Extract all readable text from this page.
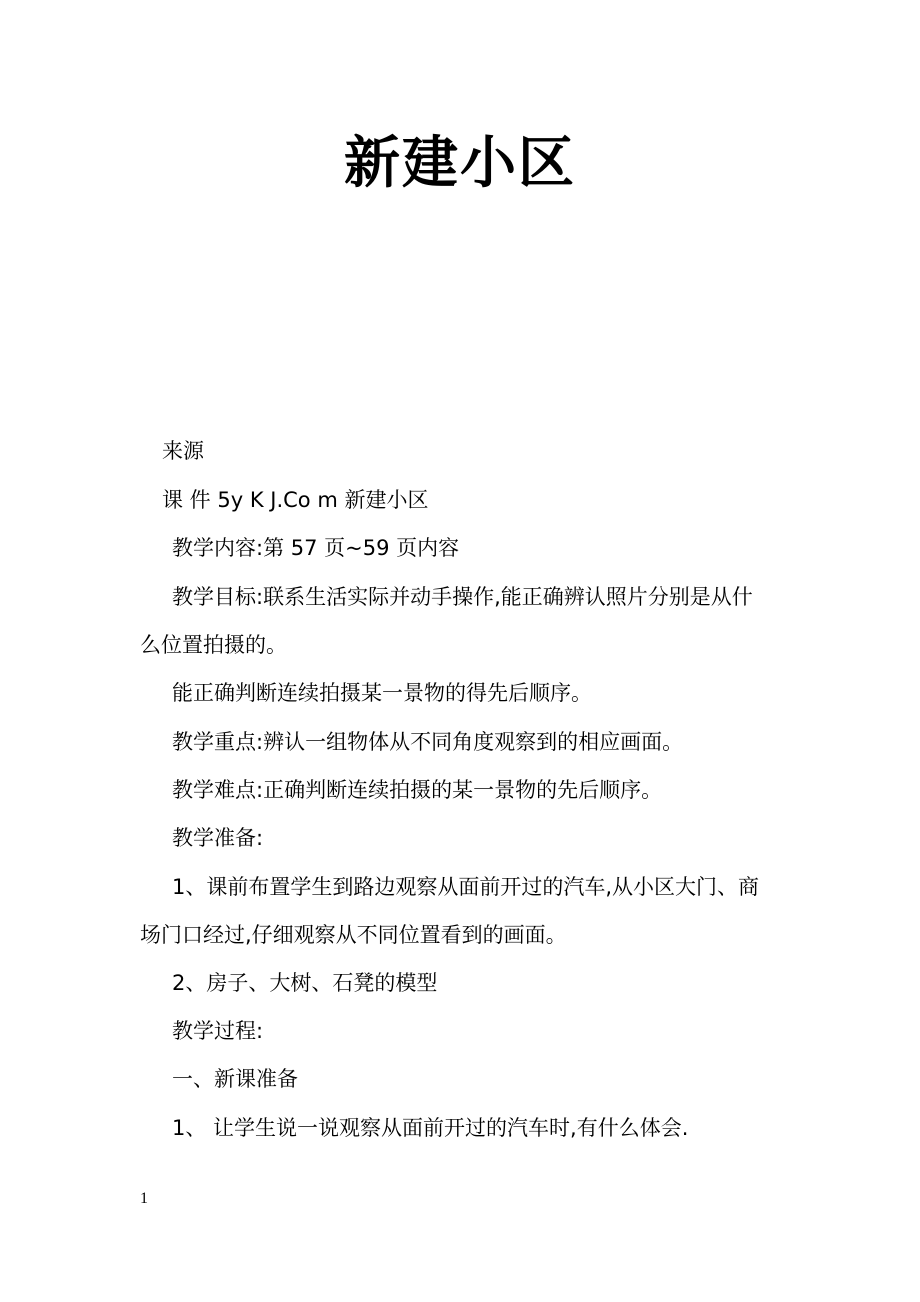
新建小区
来源
课 件 5y K J.Co m 新建小区
教学内容:第 57 页~59 页内容
教学目标:联系生活实际并动手操作,能正确辨认照片分别是从什
么位置拍摄的。
能正确判断连续拍摄某一景物的得先后顺序。
教学重点:辨认一组物体从不同角度观察到的相应画面。
教学难点:正确判断连续拍摄的某一景物的先后顺序。
教学准备:
1、课前布置学生到路边观察从面前开过的汽车,从小区大门、商
场门口经过,仔细观察从不同位置看到的画面。
2、房子、大树、石凳的模型
教学过程:
一、新课准备
1、 让学生说一说观察从面前开过的汽车时,有什么体会.
1
